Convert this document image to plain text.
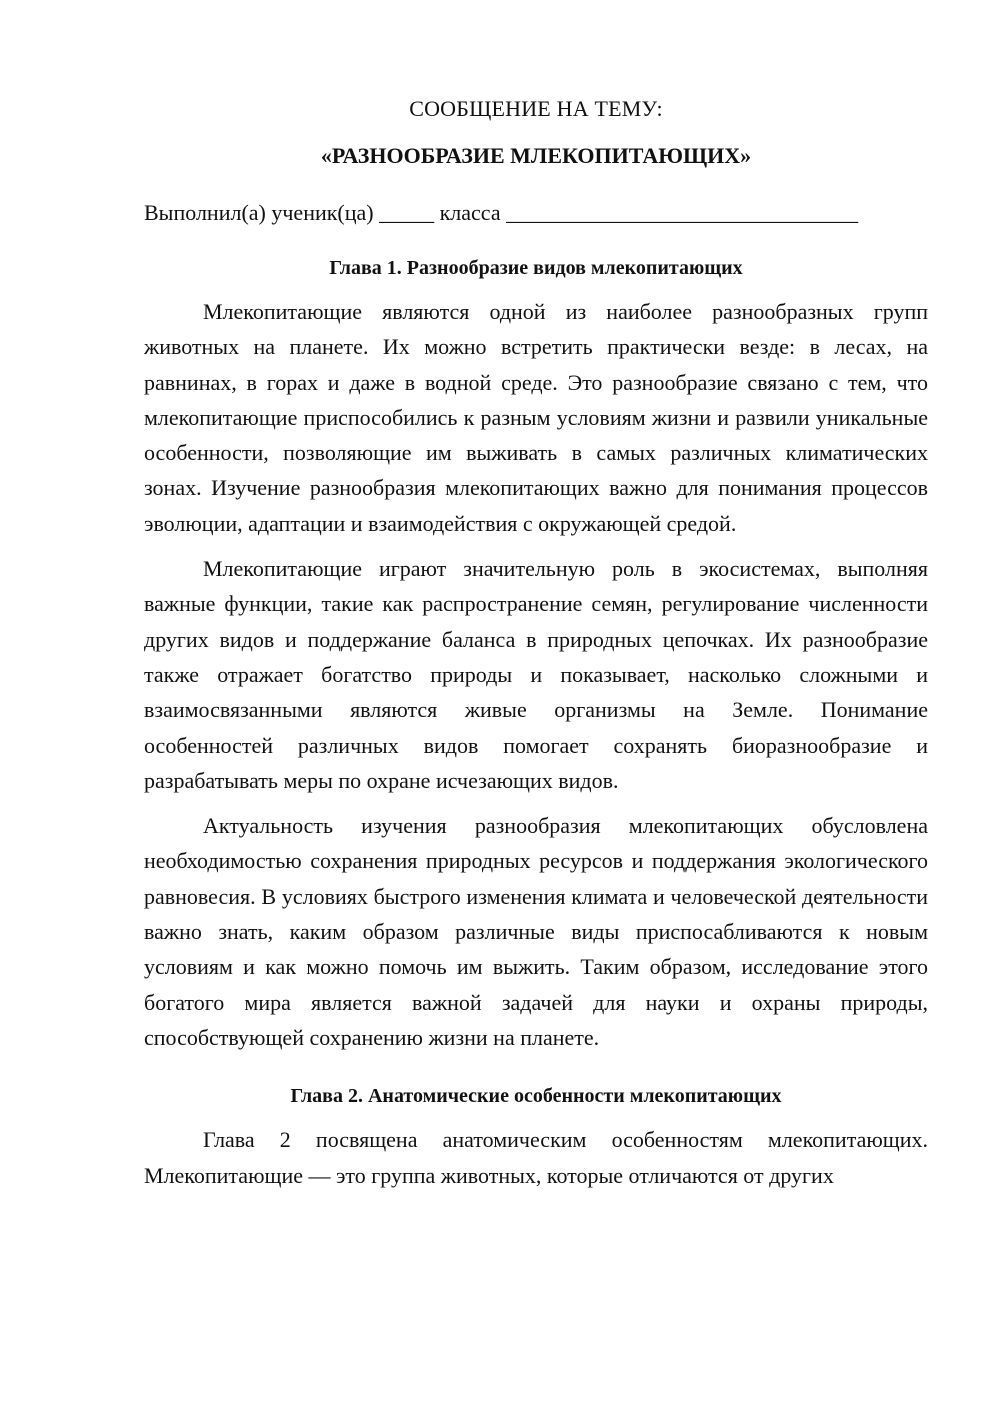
СООБЩЕНИЕ НА ТЕМУ:

«РАЗНООБРАЗИЕ МЛЕКОПИТАЮЩИХ»

Выполнил(а) ученик(ца) _____ класса ________________________________
Глава 1. Разнообразие видов млекопитающих

Млекопитающие являются одной из наиболее разнообразных групп животных на планете. Их можно встретить практически везде: в лесах, на равнинах, в горах и даже в водной среде. Это разнообразие связано с тем, что млекопитающие приспособились к разным условиям жизни и развили уникальные особенности, позволяющие им выживать в самых различных климатических зонах. Изучение разнообразия млекопитающих важно для понимания процессов эволюции, адаптации и взаимодействия с окружающей средой.

Млекопитающие играют значительную роль в экосистемах, выполняя важные функции, такие как распространение семян, регулирование численности других видов и поддержание баланса в природных цепочках. Их разнообразие также отражает богатство природы и показывает, насколько сложными и взаимосвязанными являются живые организмы на Земле. Понимание особенностей различных видов помогает сохранять биоразнообразие и разрабатывать меры по охране исчезающих видов.

Актуальность изучения разнообразия млекопитающих обусловлена необходимостью сохранения природных ресурсов и поддержания экологического равновесия. В условиях быстрого изменения климата и человеческой деятельности важно знать, каким образом различные виды приспосабливаются к новым условиям и как можно помочь им выжить. Таким образом, исследование этого богатого мира является важной задачей для науки и охраны природы, способствующей сохранению жизни на планете.

Глава 2. Анатомические особенности млекопитающих

Глава 2 посвящена анатомическим особенностям млекопитающих. Млекопитающие — это группа животных, которые отличаются от других
